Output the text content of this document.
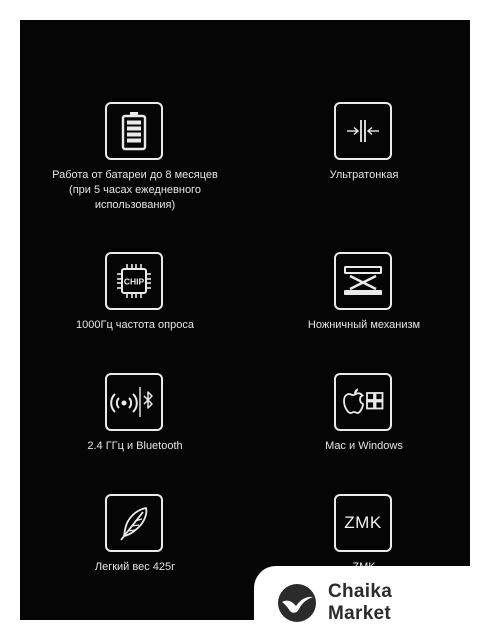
Работа от батареи до 8 месяцев
(при 5 часах ежедневного
использования)
Ультратонкая
CHIP
1000Гц частота опроса	Ножничный механизм
2.4 ГГц и Bluetooth	Mac и Windows
Легкий вес 425г
ZMK
Chaika
Market
